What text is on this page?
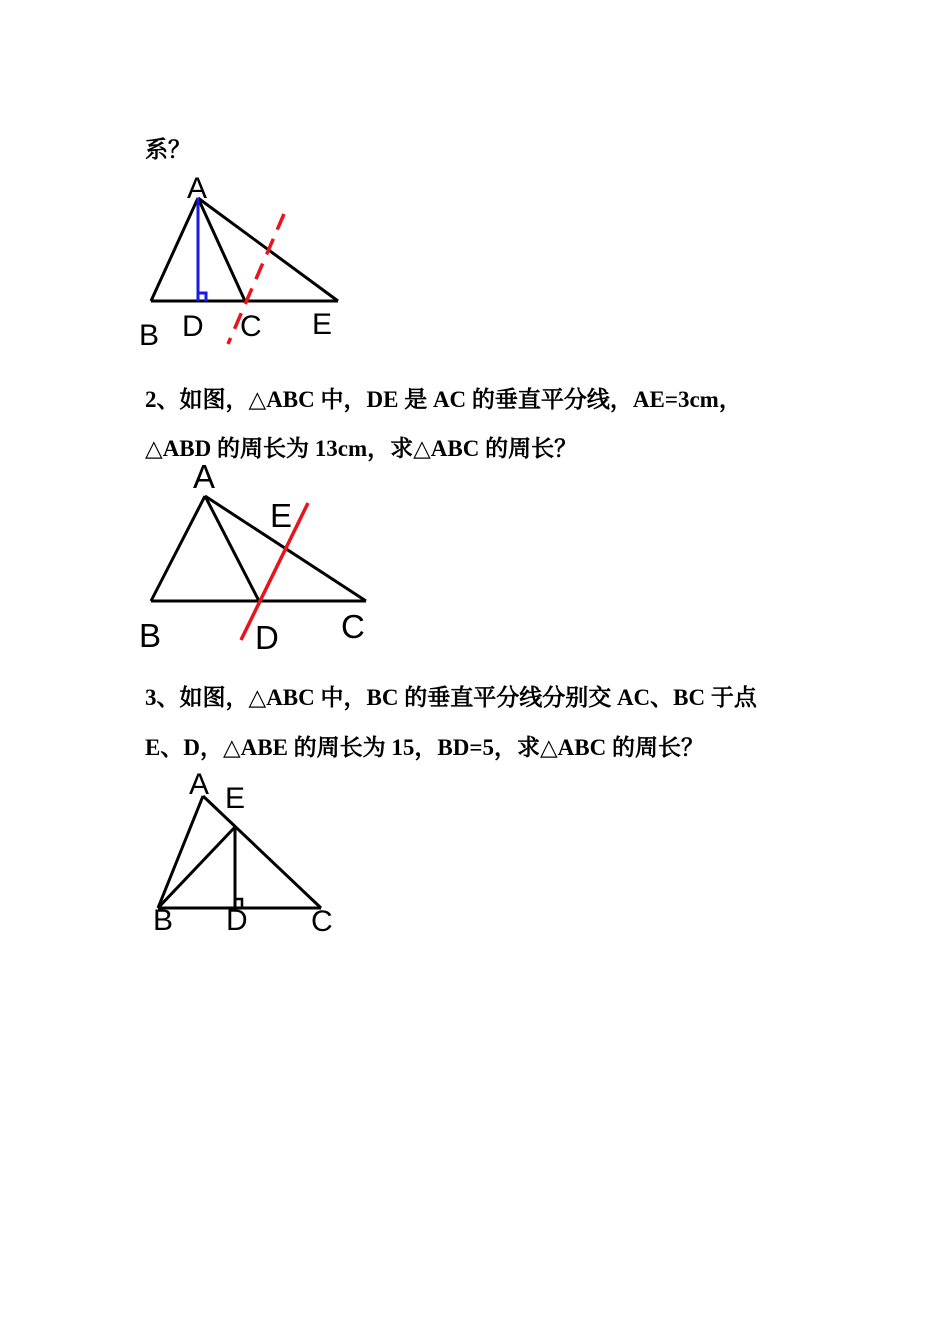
系？

A
B D C E

2、如图，△ABC 中，DE 是 AC 的垂直平分线，AE=3cm，

△ABD 的周长为 13cm，求△ABC 的周长？

A
E
B	D C

3、如图，△ABC 中，BC 的垂直平分线分别交 AC、BC 于点

E、D，△ABE 的周长为 15，BD=5，求△ABC 的周长？

A E
B D C
